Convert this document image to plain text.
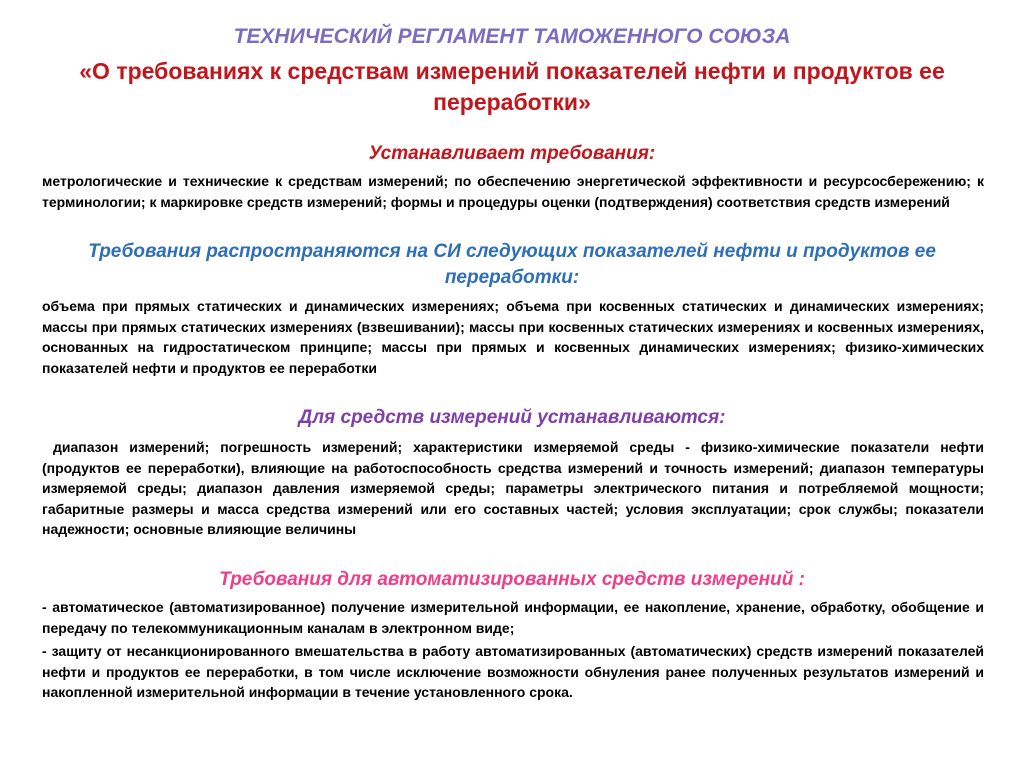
ТЕХНИЧЕСКИЙ РЕГЛАМЕНТ ТАМОЖЕННОГО СОЮЗА
«О требованиях к средствам измерений показателей нефти и продуктов ее переработки»
Устанавливает требования:
метрологические и технические к средствам измерений; по обеспечению энергетической эффективности и ресурсосбережению; к терминологии; к маркировке средств измерений; формы и процедуры оценки (подтверждения) соответствия средств измерений
Требования распространяются на СИ следующих показателей нефти и продуктов ее переработки:
объема при прямых статических и динамических измерениях; объема при косвенных статических и динамических измерениях; массы при прямых статических измерениях (взвешивании); массы при косвенных статических измерениях и косвенных измерениях, основанных на гидростатическом принципе; массы при прямых и косвенных динамических измерениях; физико-химических показателей нефти и продуктов ее переработки
Для средств измерений устанавливаются:
диапазон измерений; погрешность измерений; характеристики измеряемой среды - физико-химические показатели нефти (продуктов ее переработки), влияющие на работоспособность средства измерений и точность измерений; диапазон температуры измеряемой среды; диапазон давления измеряемой среды; параметры электрического питания и потребляемой мощности; габаритные размеры и масса средства измерений или его составных частей; условия эксплуатации; срок службы; показатели надежности; основные влияющие величины
Требования для автоматизированных средств измерений :
- автоматическое (автоматизированное) получение измерительной информации, ее накопление, хранение, обработку, обобщение и передачу по телекоммуникационным каналам в электронном виде;
- защиту от несанкционированного вмешательства в работу автоматизированных (автоматических) средств измерений показателей нефти и продуктов ее переработки, в том числе исключение возможности обнуления ранее полученных результатов измерений и накопленной измерительной информации в течение установленного срока.
